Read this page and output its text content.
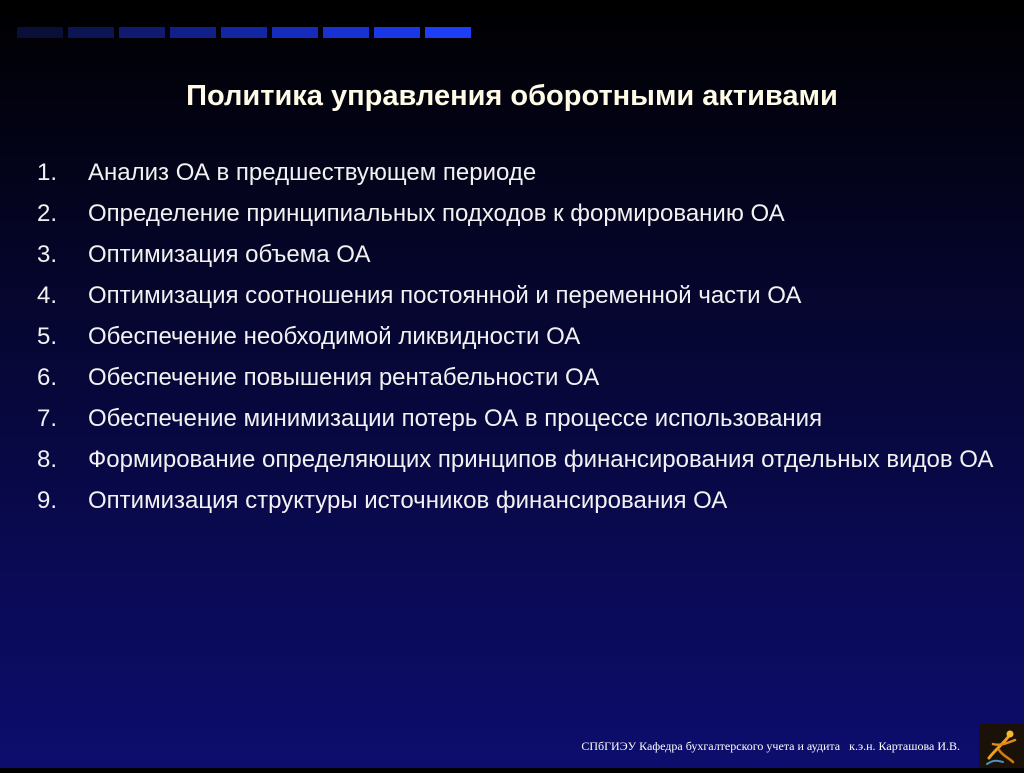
Политика управления оборотными активами
1.	Анализ ОА в предшествующем периоде
2.	Определение принципиальных подходов к формированию ОА
3.	Оптимизация объема ОА
4.	Оптимизация соотношения постоянной и переменной части ОА
5.	Обеспечение необходимой ликвидности ОА
6.	Обеспечение повышения рентабельности ОА
7.	Обеспечение минимизации потерь ОА в процессе использования
8.	Формирование определяющих принципов финансирования отдельных видов ОА
9.	Оптимизация структуры источников финансирования ОА
СПбГИЭУ Кафедра бухгалтерского учета и аудита   к.э.н. Карташова И.В.
